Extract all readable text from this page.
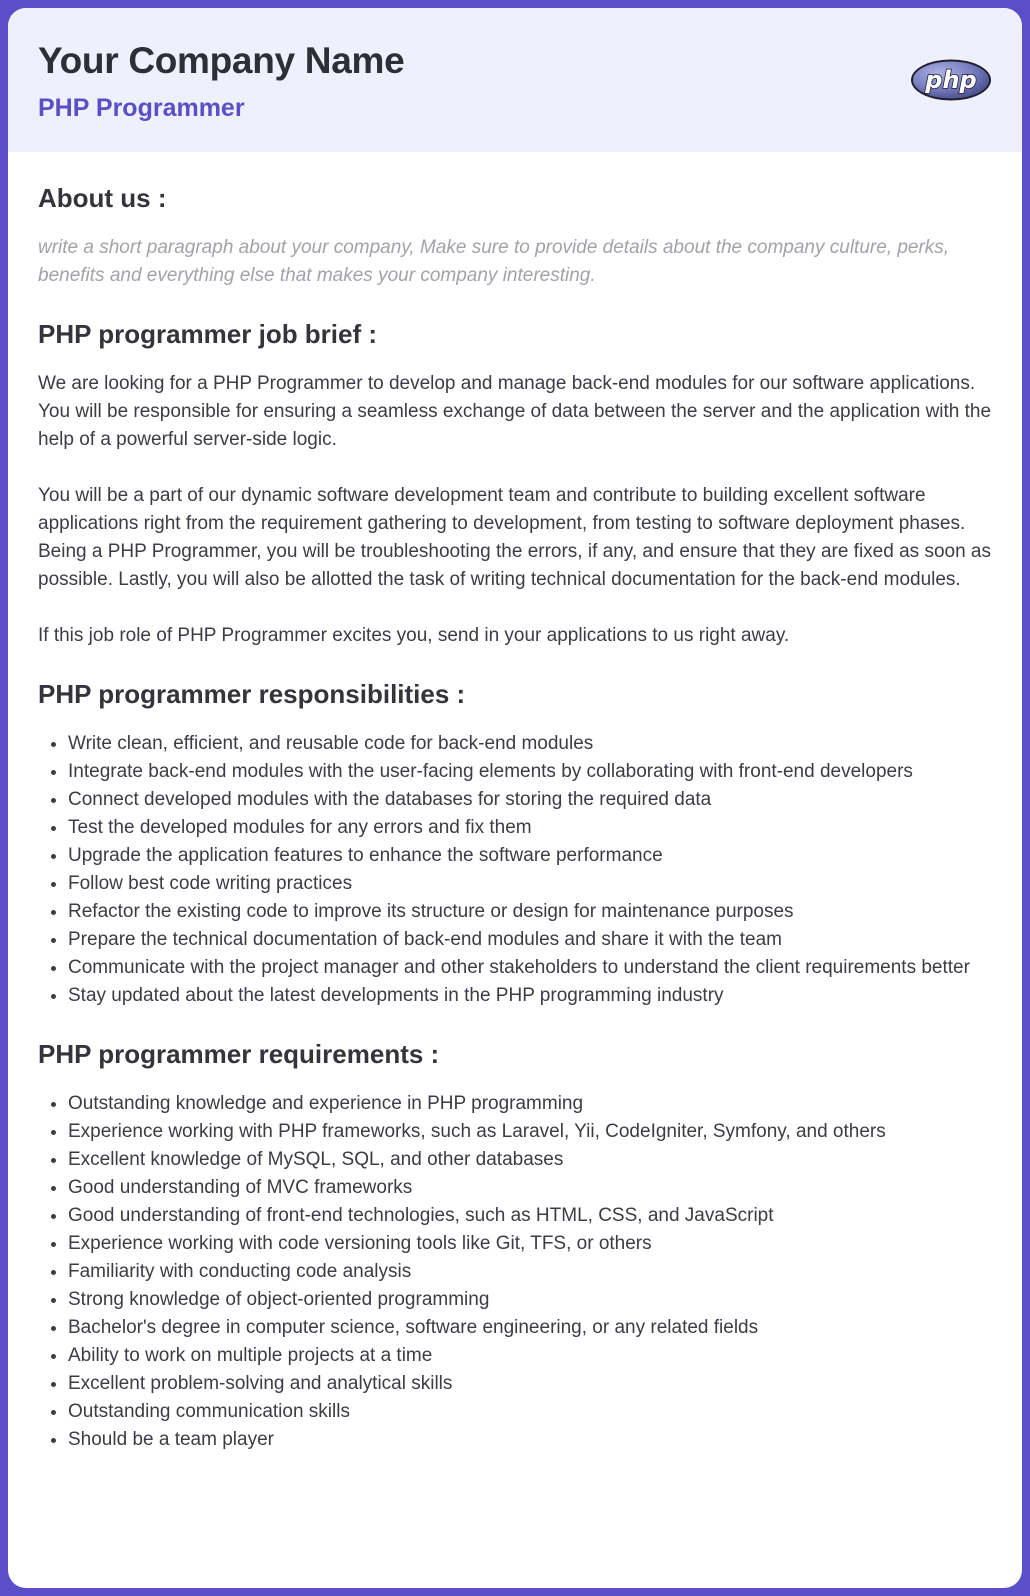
Your Company Name
PHP Programmer
php
About us :

write a short paragraph about your company, Make sure to provide details about the company culture, perks, benefits and everything else that makes your company interesting.

PHP programmer job brief :

We are looking for a PHP Programmer to develop and manage back-end modules for our software applications. You will be responsible for ensuring a seamless exchange of data between the server and the application with the help of a powerful server-side logic.

You will be a part of our dynamic software development team and contribute to building excellent software applications right from the requirement gathering to development, from testing to software deployment phases. Being a PHP Programmer, you will be troubleshooting the errors, if any, and ensure that they are fixed as soon as possible. Lastly, you will also be allotted the task of writing technical documentation for the back-end modules.

If this job role of PHP Programmer excites you, send in your applications to us right away.

PHP programmer responsibilities :
• Write clean, efficient, and reusable code for back-end modules
• Integrate back-end modules with the user-facing elements by collaborating with front-end developers
• Connect developed modules with the databases for storing the required data
• Test the developed modules for any errors and fix them
• Upgrade the application features to enhance the software performance
• Follow best code writing practices
• Refactor the existing code to improve its structure or design for maintenance purposes
• Prepare the technical documentation of back-end modules and share it with the team
• Communicate with the project manager and other stakeholders to understand the client requirements better
• Stay updated about the latest developments in the PHP programming industry
PHP programmer requirements :
• Outstanding knowledge and experience in PHP programming
• Experience working with PHP frameworks, such as Laravel, Yii, CodeIgniter, Symfony, and others
• Excellent knowledge of MySQL, SQL, and other databases
• Good understanding of MVC frameworks
• Good understanding of front-end technologies, such as HTML, CSS, and JavaScript
• Experience working with code versioning tools like Git, TFS, or others
• Familiarity with conducting code analysis
• Strong knowledge of object-oriented programming
• Bachelor's degree in computer science, software engineering, or any related fields
• Ability to work on multiple projects at a time
• Excellent problem-solving and analytical skills
• Outstanding communication skills
• Should be a team player
